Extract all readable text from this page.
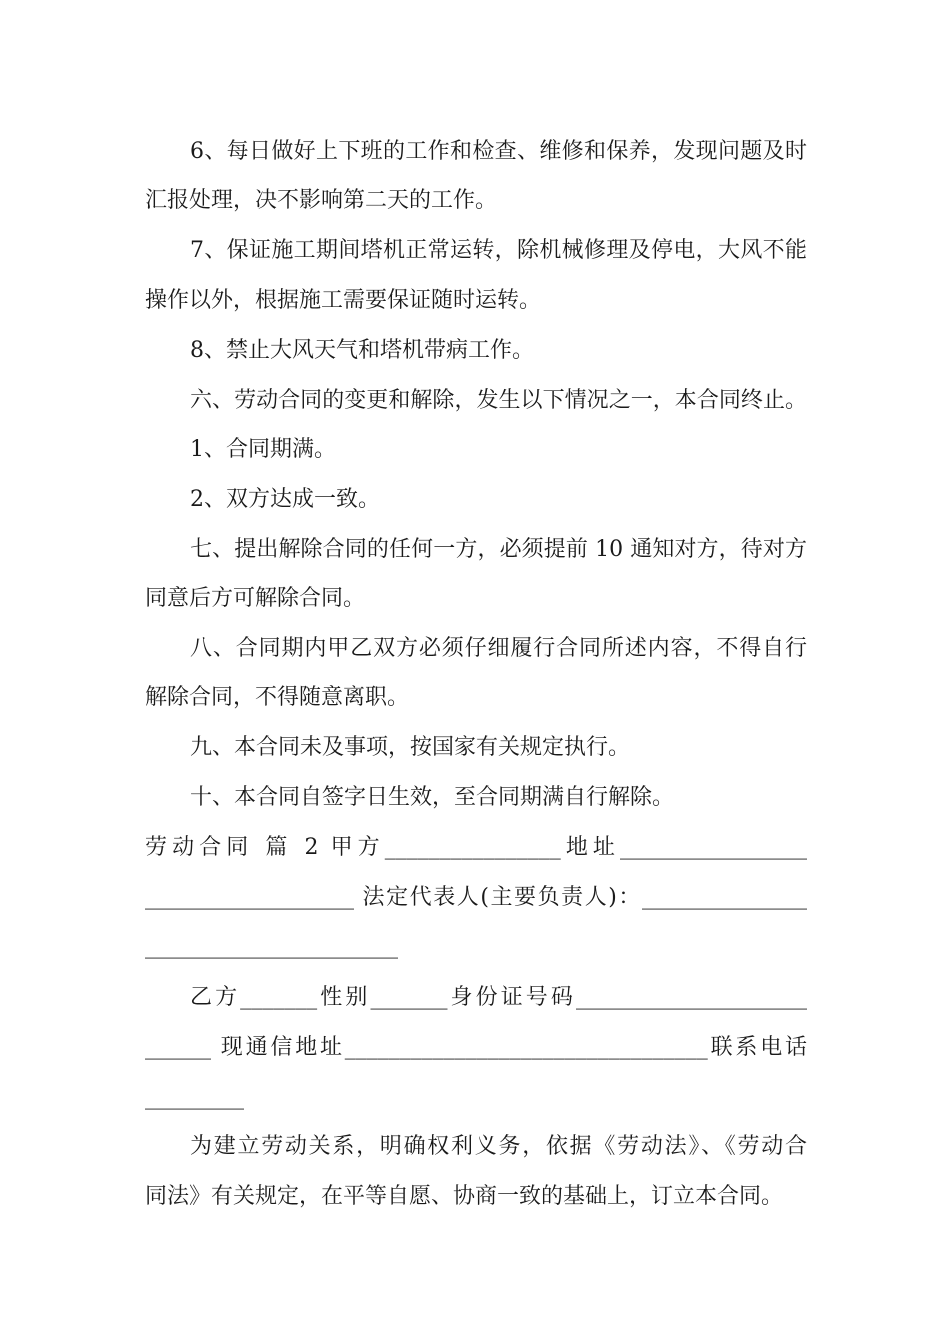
6、每日做好上下班的工作和检查、维修和保养，发现问题及时
汇报处理，决不影响第二天的工作。
7、保证施工期间塔机正常运转，除机械修理及停电，大风不能
操作以外，根据施工需要保证随时运转。
8、禁止大风天气和塔机带病工作。
六、劳动合同的变更和解除，发生以下情况之一，本合同终止。
1、合同期满。
2、双方达成一致。
七、提出解除合同的任何一方，必须提前 10 通知对方，待对方
同意后方可解除合同。
八、合同期内甲乙双方必须仔细履行合同所述内容，不得自行
解除合同，不得随意离职。
九、本合同未及事项，按国家有关规定执行。
十、本合同自签字日生效，至合同期满自行解除。
劳动合同 篇 2 甲方________________地址_________________
___________________ 法定代表人(主要负责人)：_______________
_______________________
乙方_______性别_______身份证号码_____________________
______ 现通信地址_________________________________联系电话
_________
为建立劳动关系，明确权利义务，依据《劳动法》、《劳动合
同法》有关规定，在平等自愿、协商一致的基础上，订立本合同。
